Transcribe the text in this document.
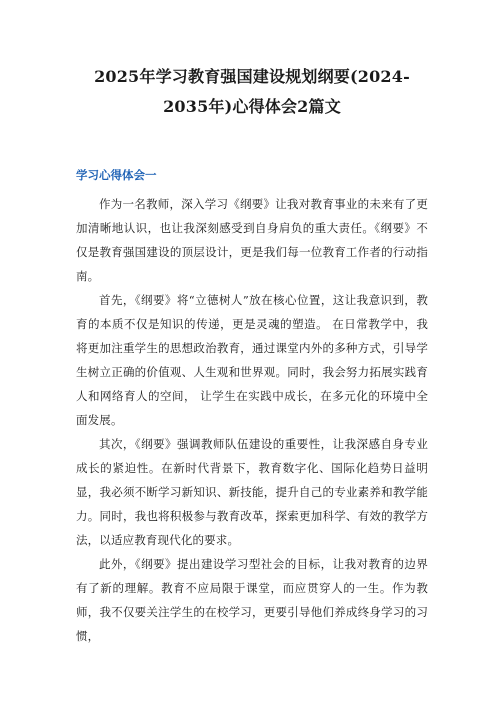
2025年学习教育强国建设规划纲要(2024-2035年)心得体会2篇文
学习心得体会一

作为一名教师，深入学习《纲要》让我对教育事业的未来有了更加清晰地认识，也让我深刻感受到自身肩负的重大责任。《纲要》不仅是教育强国建设的顶层设计，更是我们每一位教育工作者的行动指南。

首先，《纲要》将“立德树人”放在核心位置，这让我意识到，教育的本质不仅是知识的传递，更是灵魂的塑造。 在日常教学中，我将更加注重学生的思想政治教育，通过课堂内外的多种方式，引导学生树立正确的价值观、人生观和世界观。同时，我会努力拓展实践育人和网络育人的空间， 让学生在实践中成长，在多元化的环境中全面发展。

其次，《纲要》强调教师队伍建设的重要性，让我深感自身专业成长的紧迫性。在新时代背景下，教育数字化、国际化趋势日益明显，我必须不断学习新知识、新技能，提升自己的专业素养和教学能力。同时，我也将积极参与教育改革，探索更加科学、有效的教学方法，以适应教育现代化的要求。

此外，《纲要》提出建设学习型社会的目标，让我对教育的边界有了新的理解。教育不应局限于课堂，而应贯穿人的一生。作为教师，我不仅要关注学生的在校学习，更要引导他们养成终身学习的习惯，
